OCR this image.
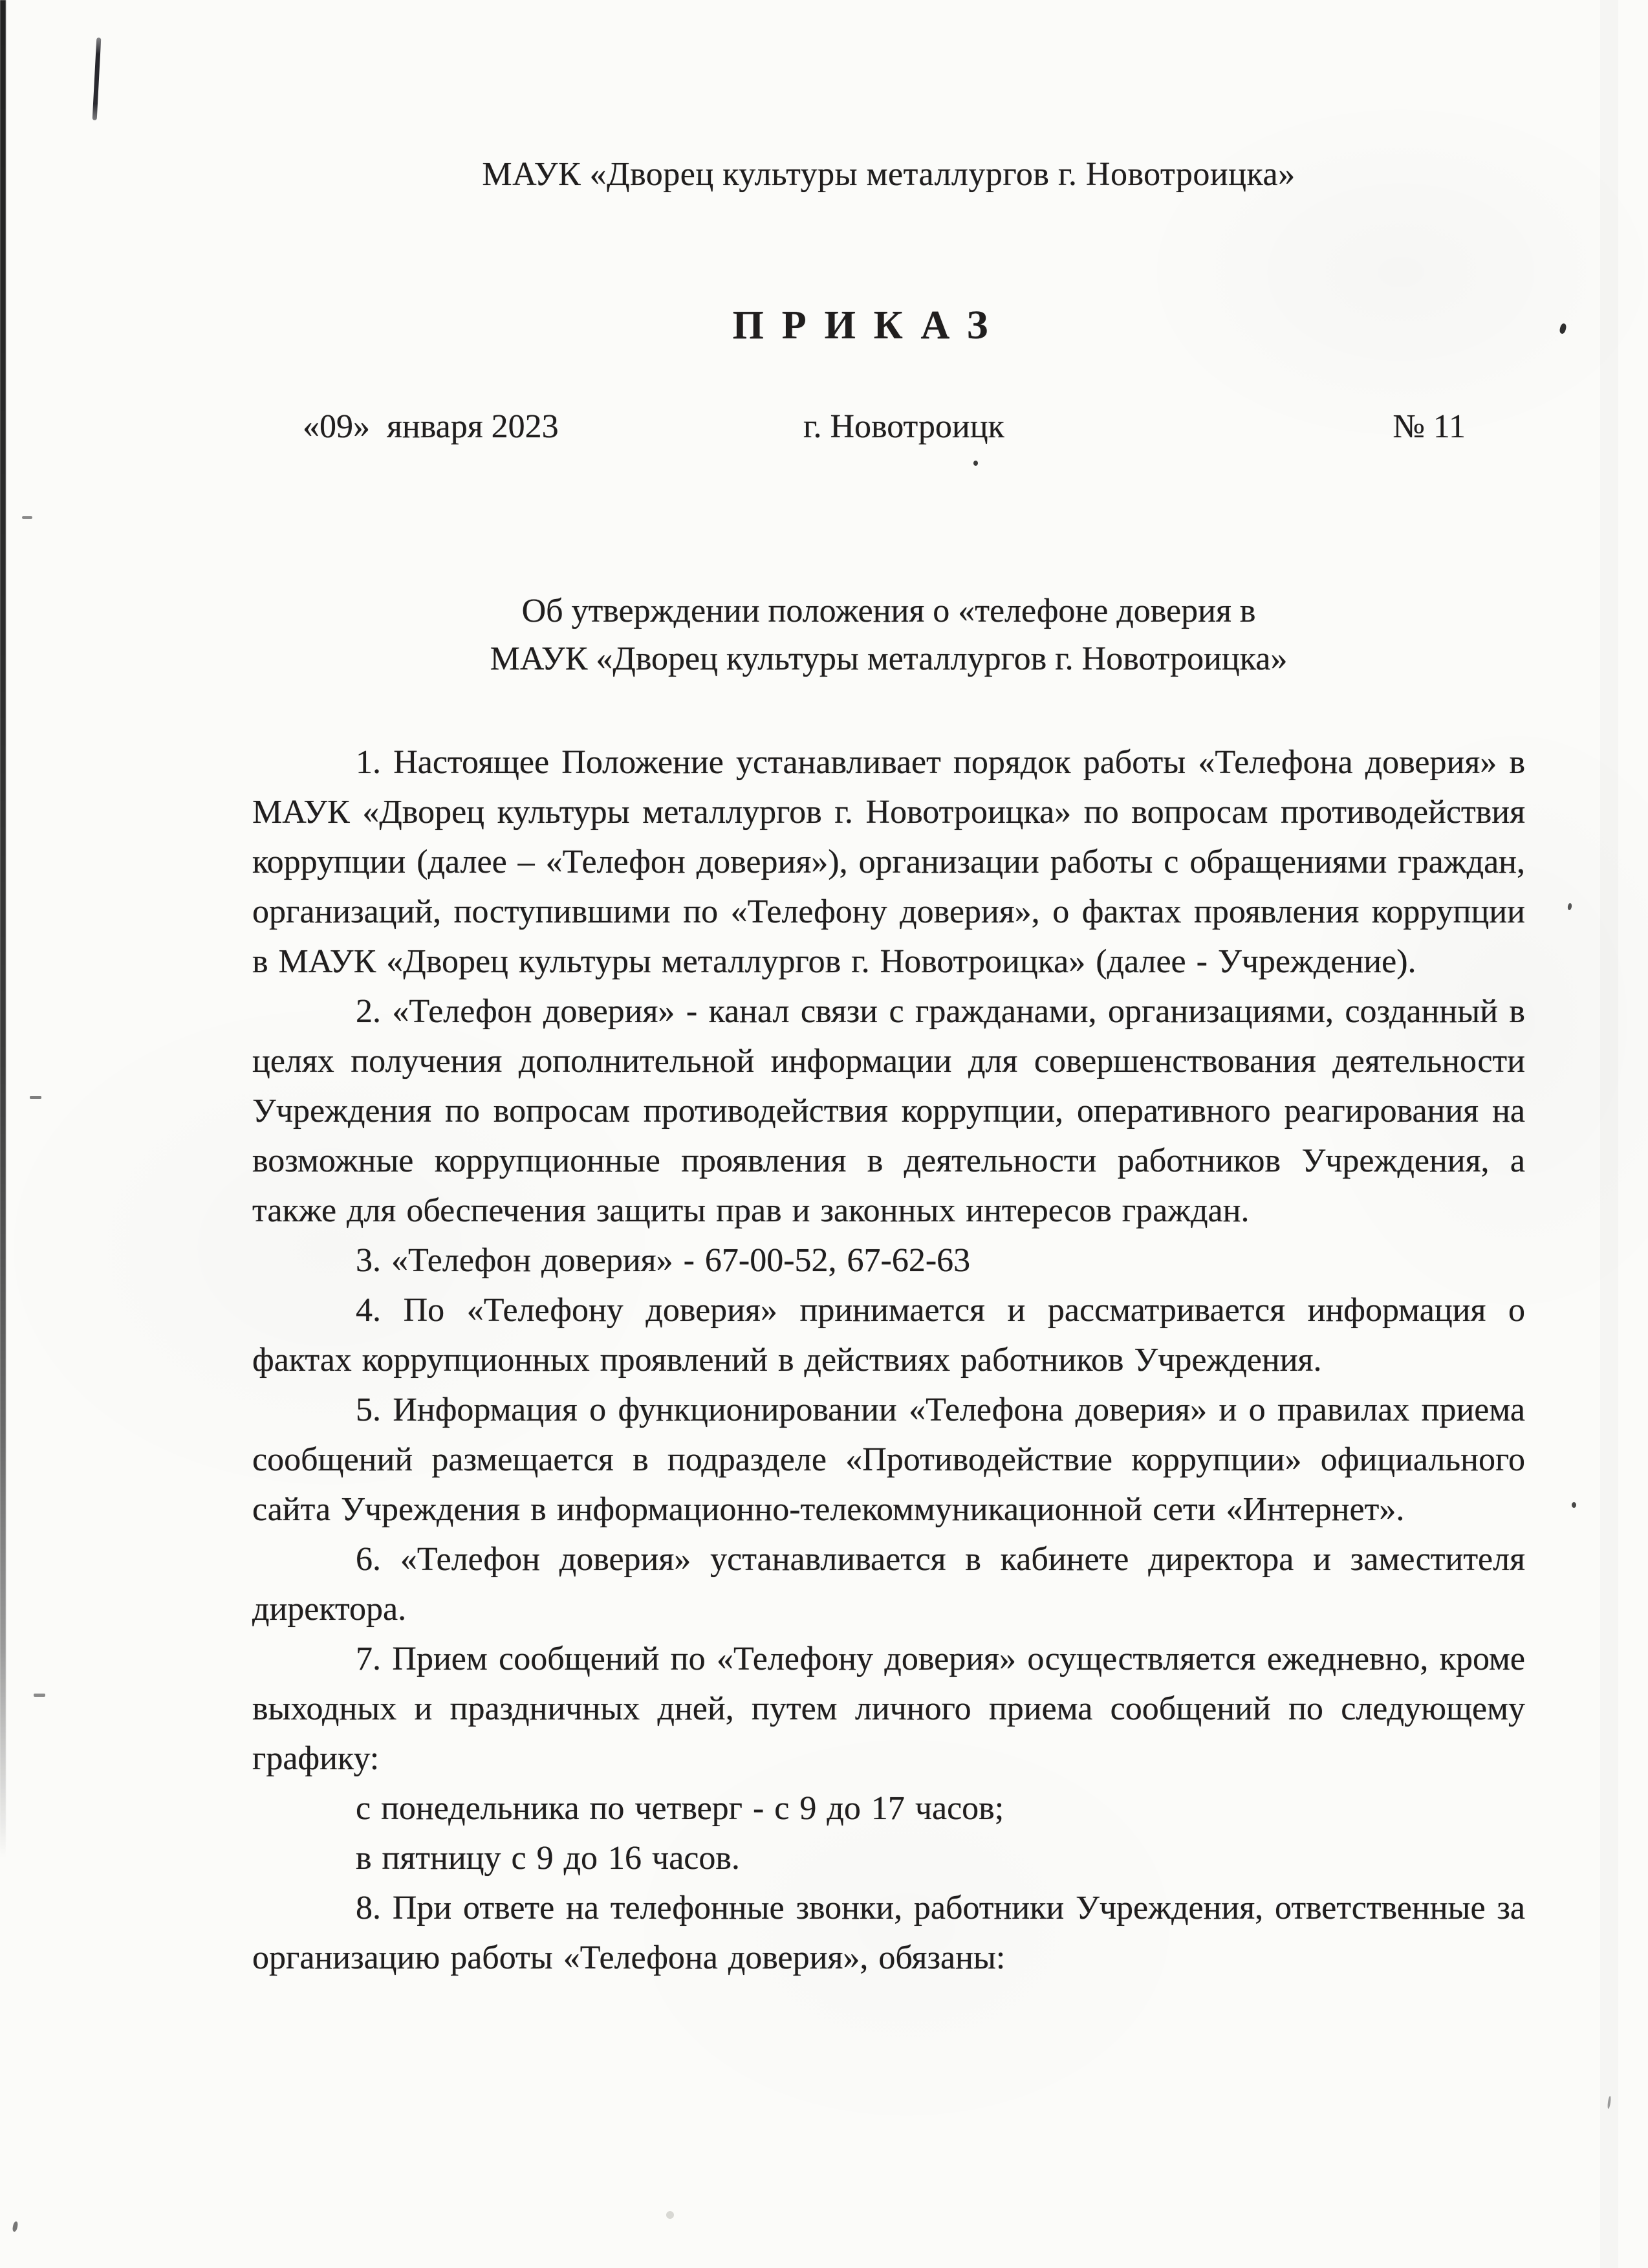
МАУК «Дворец культуры металлургов г. Новотроицка»
ПРИКАЗ
«09»  января 2023	г. Новотроицк	№ 11
Об утверждении положения о «телефоне доверия в
МАУК «Дворец культуры металлургов г. Новотроицка»

1. Настоящее Положение устанавливает порядок работы «Телефона доверия» в МАУК «Дворец культуры металлургов г. Новотроицка» по вопросам противодействия коррупции (далее – «Телефон доверия»), организации работы с обращениями граждан, организаций, поступившими по «Телефону доверия», о фактах проявления коррупции в МАУК «Дворец культуры металлургов г. Новотроицка» (далее - Учреждение).

2. «Телефон доверия» - канал связи с гражданами, организациями, созданный в целях получения дополнительной информации для совершенствования деятельности Учреждения по вопросам противодействия коррупции, оперативного реагирования на возможные коррупционные проявления в деятельности работников Учреждения, а также для обеспечения защиты прав и законных интересов граждан.

3. «Телефон доверия» - 67-00-52, 67-62-63

4. По «Телефону доверия» принимается и рассматривается информация о фактах коррупционных проявлений в действиях работников Учреждения.

5. Информация о функционировании «Телефона доверия» и о правилах приема сообщений размещается в подразделе «Противодействие коррупции» официального сайта Учреждения в информационно-телекоммуникационной сети «Интернет».

6. «Телефон доверия» устанавливается в кабинете директора и заместителя директора.

7. Прием сообщений по «Телефону доверия» осуществляется ежедневно, кроме выходных и праздничных дней, путем личного приема сообщений по следующему графику:

с понедельника по четверг - с 9 до 17 часов;

в пятницу с 9 до 16 часов.

8. При ответе на телефонные звонки, работники Учреждения, ответственные за организацию работы «Телефона доверия», обязаны:
